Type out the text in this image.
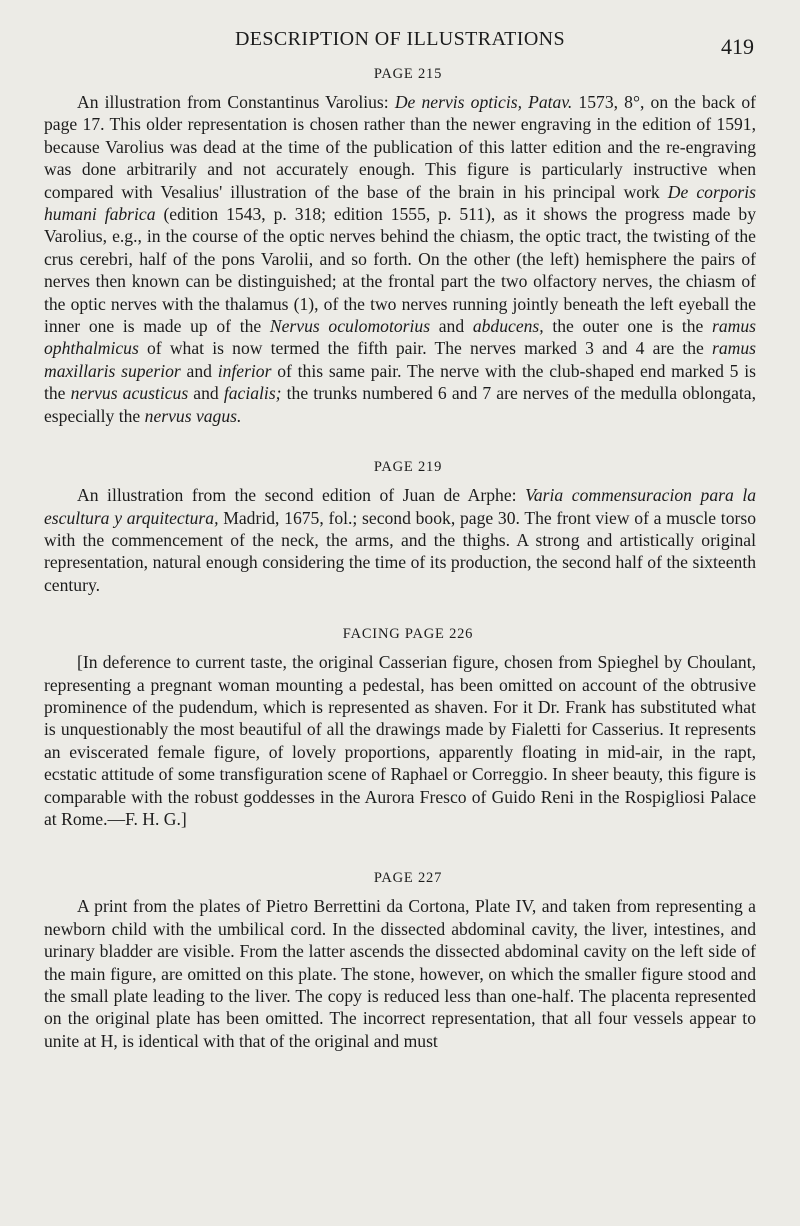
DESCRIPTION OF ILLUSTRATIONS	419
PAGE 215

An illustration from Constantinus Varolius: De nervis opticis, Patav. 1573, 8°, on the back of page 17. This older representation is chosen rather than the newer engraving in the edition of 1591, because Varolius was dead at the time of the publication of this latter edition and the re-engraving was done arbitrarily and not accurately enough. This figure is particularly instructive when compared with Vesalius' illustration of the base of the brain in his principal work De corporis humani fabrica (edition 1543, p. 318; edition 1555, p. 511), as it shows the progress made by Varolius, e.g., in the course of the optic nerves behind the chiasm, the optic tract, the twisting of the crus cerebri, half of the pons Varolii, and so forth. On the other (the left) hemisphere the pairs of nerves then known can be distinguished; at the frontal part the two olfactory nerves, the chiasm of the optic nerves with the thalamus (1), of the two nerves running jointly beneath the left eyeball the inner one is made up of the Nervus oculomotorius and abducens, the outer one is the ramus ophthalmicus of what is now termed the fifth pair. The nerves marked 3 and 4 are the ramus maxillaris superior and inferior of this same pair. The nerve with the club-shaped end marked 5 is the nervus acusticus and facialis; the trunks numbered 6 and 7 are nerves of the medulla oblongata, especially the nervus vagus.

PAGE 219

An illustration from the second edition of Juan de Arphe: Varia commensuracion para la escultura y arquitectura, Madrid, 1675, fol.; second book, page 30. The front view of a muscle torso with the commencement of the neck, the arms, and the thighs. A strong and artistically original representation, natural enough considering the time of its production, the second half of the sixteenth century.

FACING PAGE 226

[In deference to current taste, the original Casserian figure, chosen from Spieghel by Choulant, representing a pregnant woman mounting a pedestal, has been omitted on account of the obtrusive prominence of the pudendum, which is represented as shaven. For it Dr. Frank has substituted what is unquestionably the most beautiful of all the drawings made by Fialetti for Casserius. It represents an eviscerated female figure, of lovely proportions, apparently floating in mid-air, in the rapt, ecstatic attitude of some transfiguration scene of Raphael or Correggio. In sheer beauty, this figure is comparable with the robust goddesses in the Aurora Fresco of Guido Reni in the Rospigliosi Palace at Rome.—F. H. G.]

PAGE 227

A print from the plates of Pietro Berrettini da Cortona, Plate IV, and taken from representing a newborn child with the umbilical cord. In the dissected abdominal cavity, the liver, intestines, and urinary bladder are visible. From the latter ascends the dissected abdominal cavity on the left side of the main figure, are omitted on this plate. The stone, however, on which the smaller figure stood and the small plate leading to the liver. The copy is reduced less than one-half. The placenta represented on the original plate has been omitted. The incorrect representation, that all four vessels appear to unite at H, is identical with that of the original and must
